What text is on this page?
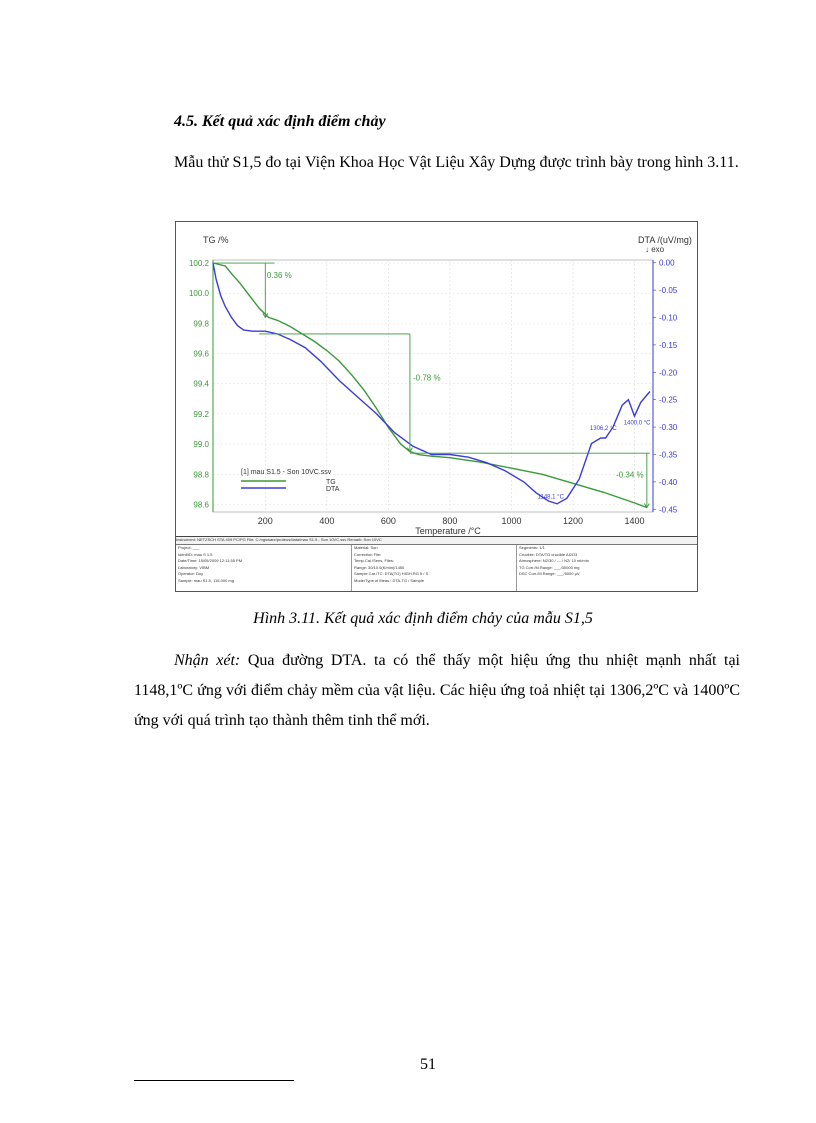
4.5. Kết quả xác định điểm chảy

Mẫu thử S1,5 đo tại Viện Khoa Học Vật Liệu Xây Dựng được trình bày trong hình 3.11.

200	400	600	800	1000	1200	1400
100.2
100.0
99.8
99.6
99.4
99.2
99.0
98.8
98.6
0.00
-0.05
-0.10
-0.15
-0.20
-0.25
-0.30
-0.35
-0.40
-0.45
TG /%	DTA /(uV/mg)
↓ exo
Temperature /°C
0.36 %
-0.78 %
-0.34 %
1148,1 °C
1306,2 °C
1400,0 °C
[1] mau S1.5 - Son 10VC.ssv
TG
DTA
Instrument: NETZSCH STA 409 PC/PG File: C:/ngsware/proteus/data/mau S1.5 - Son 10VC.ssv Remark: Son 10VC
Project: ___
Ident/ID: mau S 1.5
Date/Time: 15/05/2009 12:11:55 PM
Laboratory: VIBM
Operator: Duy
Sample: mau S1.5, 115.000 mg
Material: Son
Correction File:
Temp.Cal./Sens. Files:
Range: 30/10.0(K/min)/1450
Sample Car./TC: DTA(TG) HIGH RG 5 / S
Mode/Type of Meas.: DTA-TG / Sample
Segments: 1/1
Crucible: DTA/TG crucible Al2O3
Atmosphere: N2/30 / --- / N2/ 10 ml/min
TG Corr./M.Range: ___/30000 mg
DSC Corr./M.Range: ___/5000 µV
Hình 3.11. Kết quả xác định điểm chảy của mẫu S1,5

Nhận xét: Qua đường DTA. ta có thể thấy một hiệu ứng thu nhiệt mạnh nhất tại 1148,1ºC ứng với điểm chảy mềm của vật liệu. Các hiệu ứng toả nhiệt tại 1306,2ºC và 1400ºC ứng với quá trình tạo thành thêm tinh thể mới.

51
